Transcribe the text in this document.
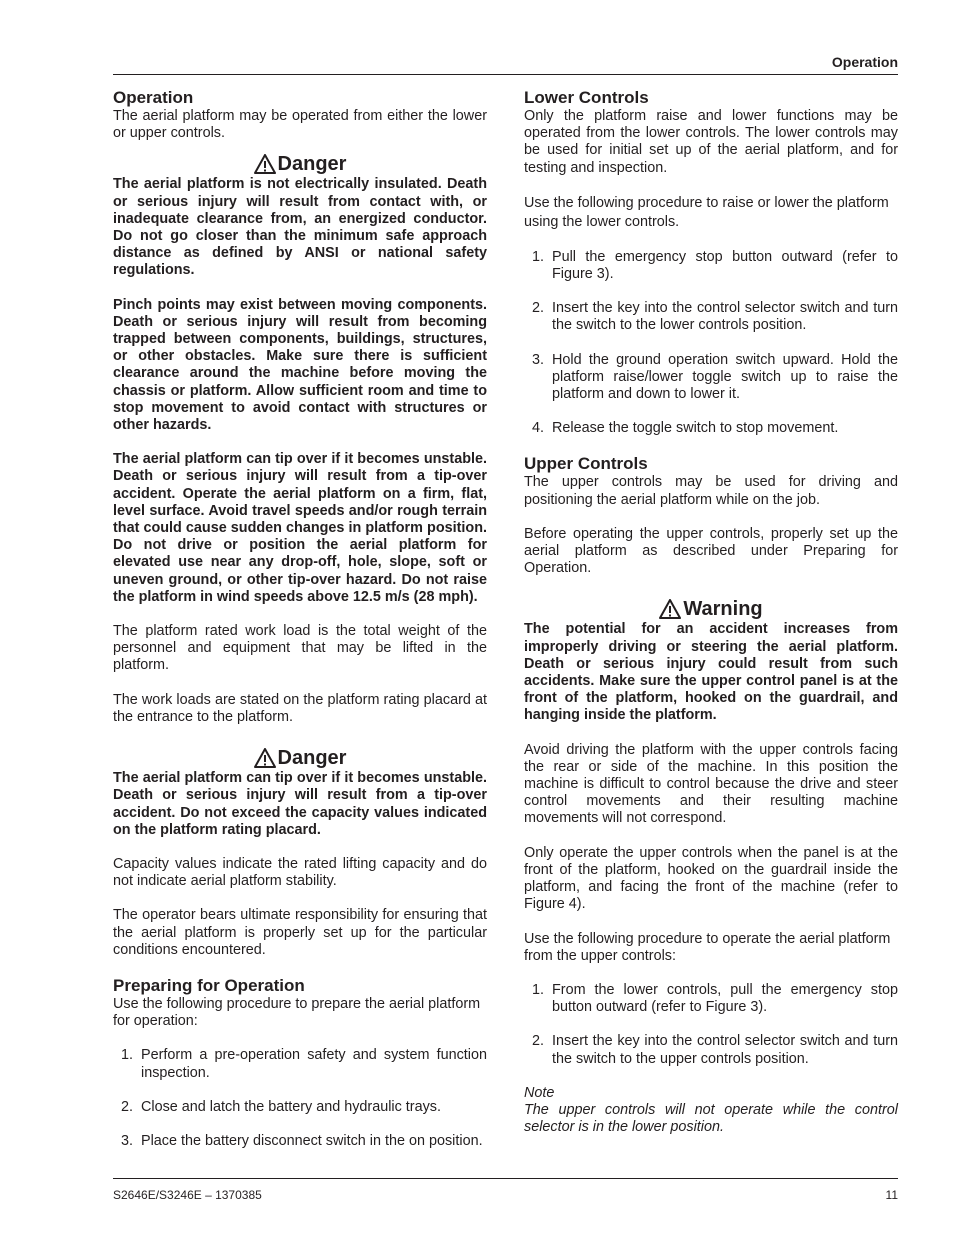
Operation
Operation

The aerial platform may be operated from either the lower or upper controls.

Danger

The aerial platform is not electrically insulated. Death or serious injury will result from contact with, or inadequate clearance from, an energized conductor. Do not go closer than the minimum safe approach distance as defined by ANSI or national safety regulations.

Pinch points may exist between moving components. Death or serious injury will result from becoming trapped between components, buildings, structures, or other obstacles. Make sure there is sufficient clearance around the machine before moving the chassis or platform. Allow sufficient room and time to stop movement to avoid contact with structures or other hazards.

The aerial platform can tip over if it becomes unstable. Death or serious injury will result from a tip-over accident. Operate the aerial platform on a firm, flat, level surface. Avoid travel speeds and/or rough terrain that could cause sudden changes in platform position. Do not drive or position the aerial platform for elevated use near any drop-off, hole, slope, soft or uneven ground, or other tip-over hazard. Do not raise the platform in wind speeds above 12.5 m/s (28 mph).

The platform rated work load is the total weight of the personnel and equipment that may be lifted in the platform.

The work loads are stated on the platform rating placard at the entrance to the platform.

Danger

The aerial platform can tip over if it becomes unstable. Death or serious injury will result from a tip-over accident. Do not exceed the capacity values indicated on the platform rating placard.

Capacity values indicate the rated lifting capacity and do not indicate aerial platform stability.

The operator bears ultimate responsibility for ensuring that the aerial platform is properly set up for the particular conditions encountered.

Preparing for Operation

Use the following procedure to prepare the aerial platform for operation:

1. Perform a pre-operation safety and system function inspection.
2. Close and latch the battery and hydraulic trays.
3. Place the battery disconnect switch in the on position.
Lower Controls

Only the platform raise and lower functions may be operated from the lower controls. The lower controls may be used for initial set up of the aerial platform, and for testing and inspection.

Use the following procedure to raise or lower the platform using the lower controls.

1. Pull the emergency stop button outward (refer to Figure 3).
2. Insert the key into the control selector switch and turn the switch to the lower controls position.
3. Hold the ground operation switch upward. Hold the platform raise/lower toggle switch up to raise the platform and down to lower it.
4. Release the toggle switch to stop movement.
Upper Controls

The upper controls may be used for driving and positioning the aerial platform while on the job.

Before operating the upper controls, properly set up the aerial platform as described under Preparing for Operation.

Warning

The potential for an accident increases from improperly driving or steering the aerial platform. Death or serious injury could result from such accidents. Make sure the upper control panel is at the front of the platform, hooked on the guardrail, and hanging inside the platform.

Avoid driving the platform with the upper controls facing the rear or side of the machine. In this position the machine is difficult to control because the drive and steer control movements and their resulting machine movements will not correspond.

Only operate the upper controls when the panel is at the front of the platform, hooked on the guardrail inside the platform, and facing the front of the machine (refer to Figure 4).

Use the following procedure to operate the aerial platform from the upper controls:

1. From the lower controls, pull the emergency stop button outward (refer to Figure 3).
2. Insert the key into the control selector switch and turn the switch to the upper controls position.

Note

The upper controls will not operate while the control selector is in the lower position.

S2646E/S3246E – 1370385	11
